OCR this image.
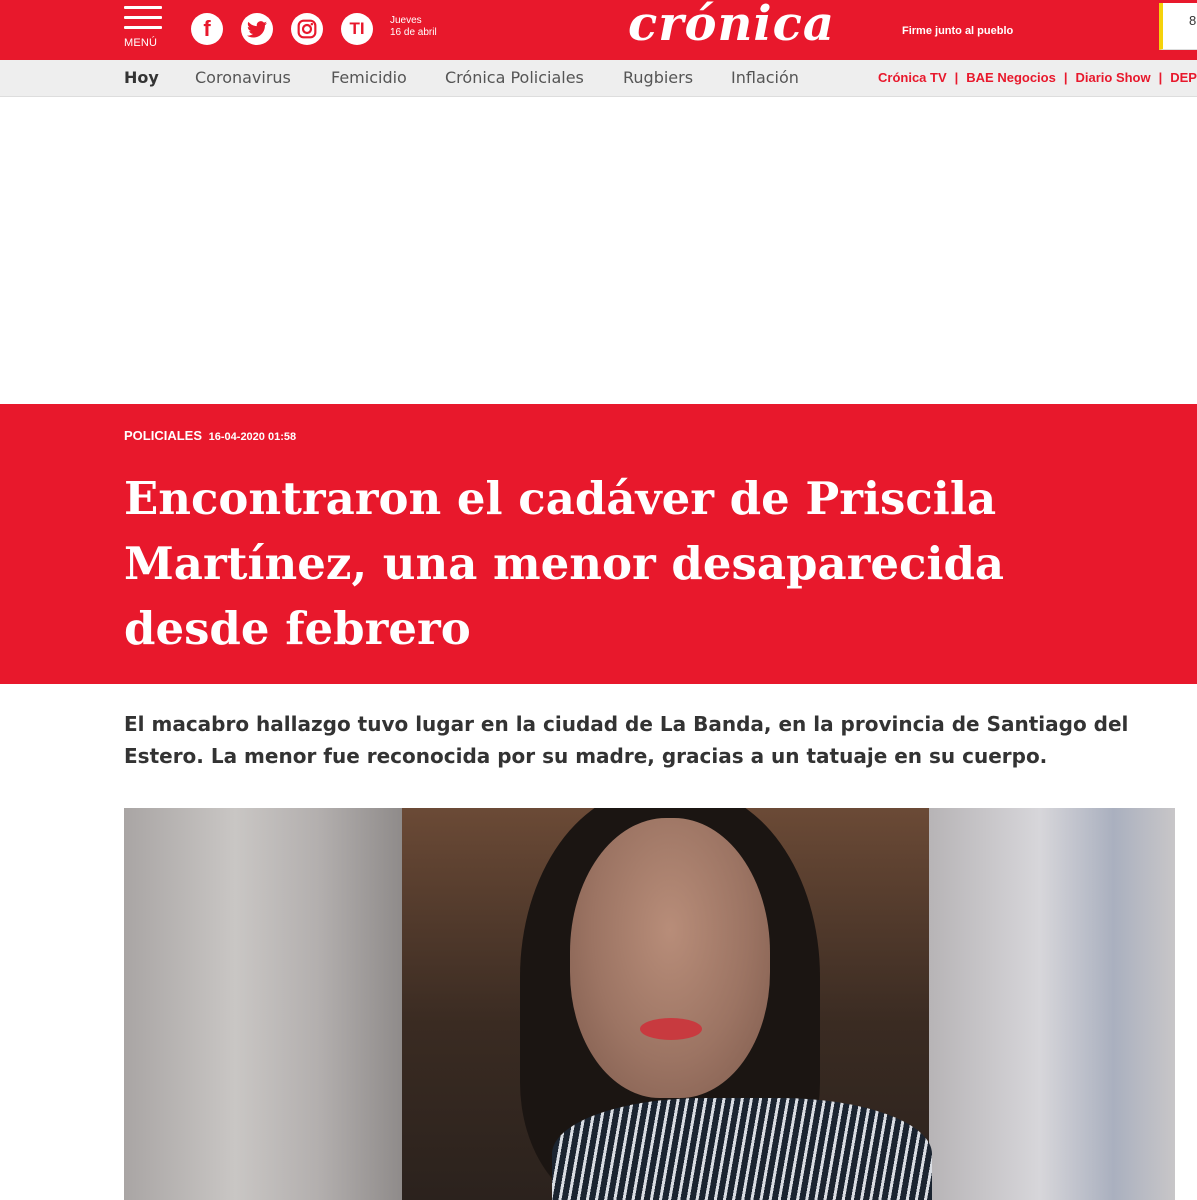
MENÚ
f	TI	Jueves
16 de abril	crónica	Firme junto al pueblo
8
Hoy Coronavirus	Femicidio Crónica Policiales Rugbiers Inflación	Crónica TV | BAE Negocios | Diario Show | DEP
POLICIALES 16-04-2020 01:58
Encontraron el cadáver de Priscila Martínez, una menor desaparecida desde febrero

El macabro hallazgo tuvo lugar en la ciudad de La Banda, en la provincia de Santiago del Estero. La menor fue reconocida por su madre, gracias a un tatuaje en su cuerpo.
